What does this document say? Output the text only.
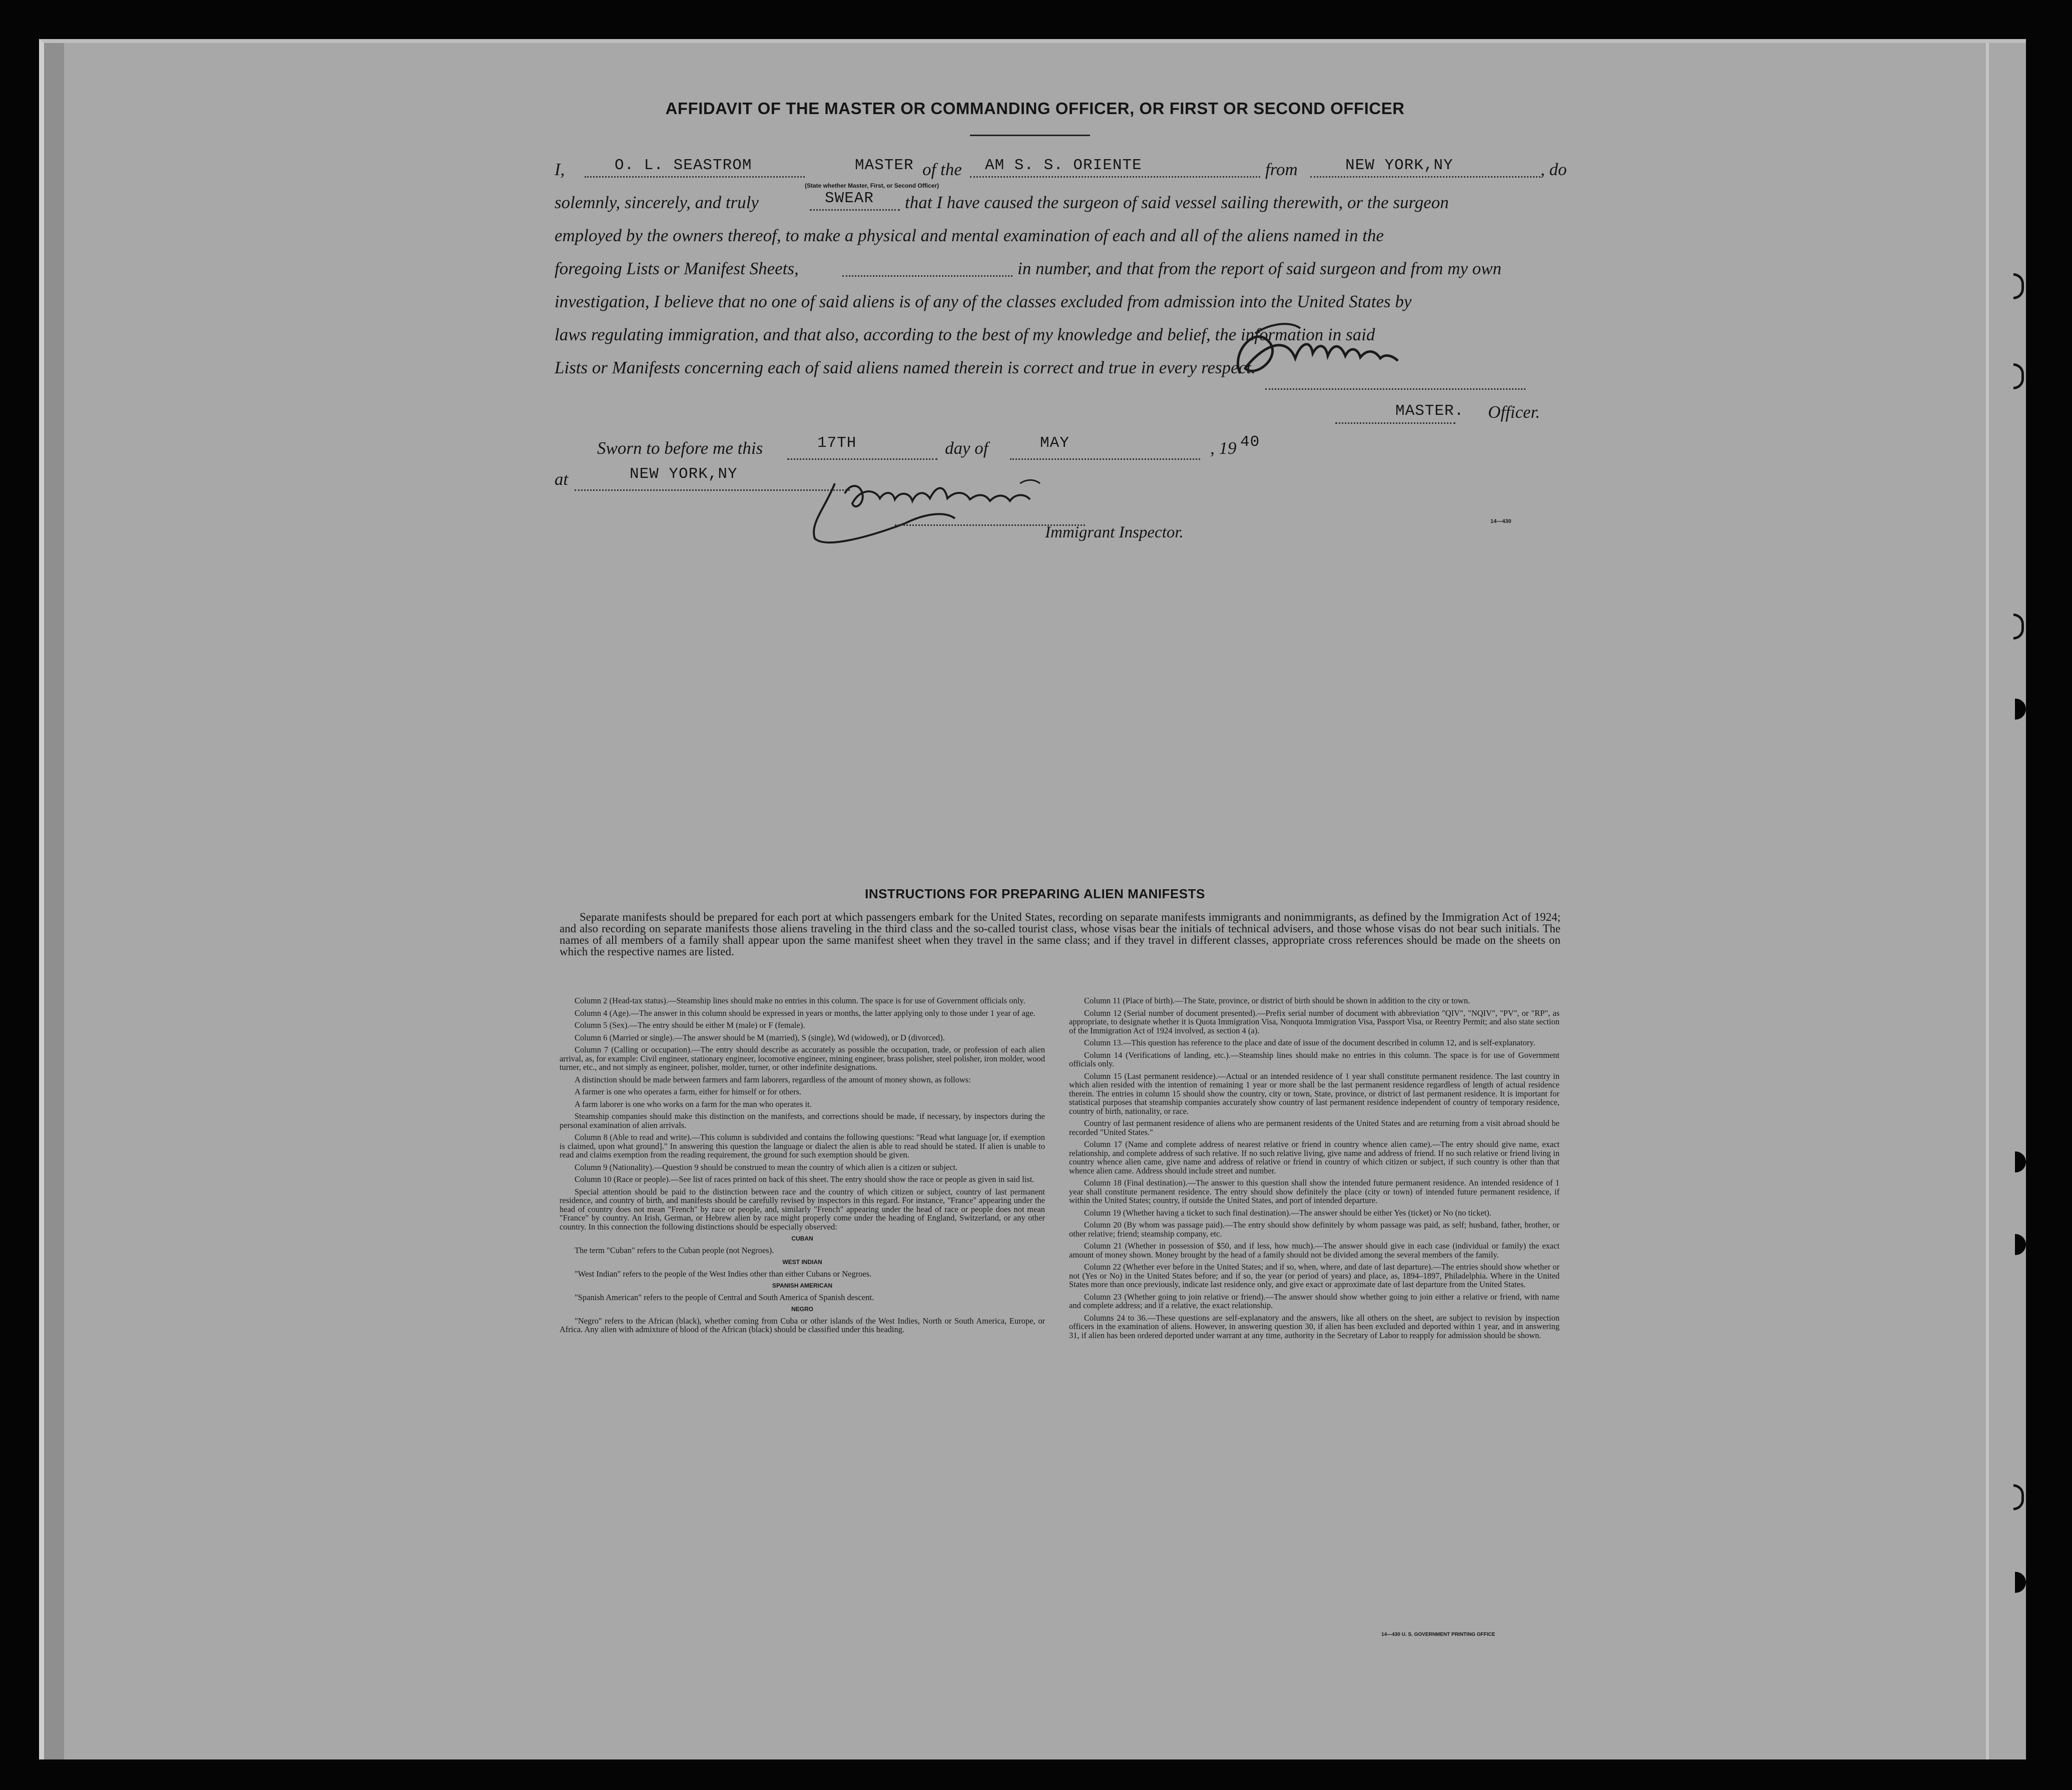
AFFIDAVIT OF THE MASTER OR COMMANDING OFFICER, OR FIRST OR SECOND OFFICER
I,	O. L. SEASTROM	MASTER
(State whether Master, First, or Second Officer)
of the AM S. S. ORIENTE	from	NEW YORK,NY	, do
solemnly, sincerely, and truly	SWEAR that I have caused the surgeon of said vessel sailing therewith, or the surgeon
employed by the owners thereof, to make a physical and mental examination of each and all of the aliens named in the
foregoing Lists or Manifest Sheets,	in number, and that from the report of said surgeon and from my own
investigation, I believe that no one of said aliens is of any of the classes excluded from admission into the United States by
laws regulating immigration, and that also, according to the best of my knowledge and belief, the information in said
Lists or Manifests concerning each of said aliens named therein is correct and true in every respect.
MASTER. Officer.
Sworn to before me this	17TH	day of	MAY	, 19 40
at	NEW YORK,NY
Immigrant Inspector.
14—430
INSTRUCTIONS FOR PREPARING ALIEN MANIFESTS
Separate manifests should be prepared for each port at which passengers embark for the United States, recording on separate manifests immigrants and nonimmigrants, as defined by the Immigration Act of 1924; and also recording on separate manifests those aliens traveling in the third class and the so-called tourist class, whose visas bear the initials of technical advisers, and those whose visas do not bear such initials. The names of all members of a family shall appear upon the same manifest sheet when they travel in the same class; and if they travel in different classes, appropriate cross references should be made on the sheets on which the respective names are listed.

Column 2 (Head-tax status).—Steamship lines should make no entries in this column. The space is for use of Government officials only.

Column 4 (Age).—The answer in this column should be expressed in years or months, the latter applying only to those under 1 year of age.

Column 5 (Sex).—The entry should be either M (male) or F (female).

Column 6 (Married or single).—The answer should be M (married), S (single), Wd (widowed), or D (divorced).

Column 7 (Calling or occupation).—The entry should describe as accurately as possible the occupation, trade, or profession of each alien arrival, as, for example: Civil engineer, stationary engineer, locomotive engineer, mining engineer, brass polisher, steel polisher, iron molder, wood turner, etc., and not simply as engineer, polisher, molder, turner, or other indefinite designations.

A distinction should be made between farmers and farm laborers, regardless of the amount of money shown, as follows:

A farmer is one who operates a farm, either for himself or for others.

A farm laborer is one who works on a farm for the man who operates it.

Steamship companies should make this distinction on the manifests, and corrections should be made, if necessary, by inspectors during the personal examination of alien arrivals.

Column 8 (Able to read and write).—This column is subdivided and contains the following questions: "Read what language [or, if exemption is claimed, upon what ground]." In answering this question the language or dialect the alien is able to read should be stated. If alien is unable to read and claims exemption from the reading requirement, the ground for such exemption should be given.

Column 9 (Nationality).—Question 9 should be construed to mean the country of which alien is a citizen or subject.

Column 10 (Race or people).—See list of races printed on back of this sheet. The entry should show the race or people as given in said list.

Special attention should be paid to the distinction between race and the country of which citizen or subject, country of last permanent residence, and country of birth, and manifests should be carefully revised by inspectors in this regard. For instance, "France" appearing under the head of country does not mean "French" by race or people, and, similarly "French" appearing under the head of race or people does not mean "France" by country. An Irish, German, or Hebrew alien by race might properly come under the heading of England, Switzerland, or any other country. In this connection the following distinctions should be especially observed:

CUBAN

The term "Cuban" refers to the Cuban people (not Negroes).

WEST INDIAN

"West Indian" refers to the people of the West Indies other than either Cubans or Negroes.

SPANISH AMERICAN

"Spanish American" refers to the people of Central and South America of Spanish descent.

NEGRO

"Negro" refers to the African (black), whether coming from Cuba or other islands of the West Indies, North or South America, Europe, or Africa. Any alien with admixture of blood of the African (black) should be classified under this heading.

Column 11 (Place of birth).—The State, province, or district of birth should be shown in addition to the city or town.

Column 12 (Serial number of document presented).—Prefix serial number of document with abbreviation "QIV", "NQIV", "PV", or "RP", as appropriate, to designate whether it is Quota Immigration Visa, Nonquota Immigration Visa, Passport Visa, or Reentry Permit; and also state section of the Immigration Act of 1924 involved, as section 4 (a).

Column 13.—This question has reference to the place and date of issue of the document described in column 12, and is self-explanatory.

Column 14 (Verifications of landing, etc.).—Steamship lines should make no entries in this column. The space is for use of Government officials only.

Column 15 (Last permanent residence).—Actual or an intended residence of 1 year shall constitute permanent residence. The last country in which alien resided with the intention of remaining 1 year or more shall be the last permanent residence regardless of length of actual residence therein. The entries in column 15 should show the country, city or town, State, province, or district of last permanent residence. It is important for statistical purposes that steamship companies accurately show country of last permanent residence independent of country of temporary residence, country of birth, nationality, or race.

Country of last permanent residence of aliens who are permanent residents of the United States and are returning from a visit abroad should be recorded "United States."

Column 17 (Name and complete address of nearest relative or friend in country whence alien came).—The entry should give name, exact relationship, and complete address of such relative. If no such relative living, give name and address of friend. If no such relative or friend living in country whence alien came, give name and address of relative or friend in country of which citizen or subject, if such country is other than that whence alien came. Address should include street and number.

Column 18 (Final destination).—The answer to this question shall show the intended future permanent residence. An intended residence of 1 year shall constitute permanent residence. The entry should show definitely the place (city or town) of intended future permanent residence, if within the United States; country, if outside the United States, and port of intended departure.

Column 19 (Whether having a ticket to such final destination).—The answer should be either Yes (ticket) or No (no ticket).

Column 20 (By whom was passage paid).—The entry should show definitely by whom passage was paid, as self; husband, father, brother, or other relative; friend; steamship company, etc.

Column 21 (Whether in possession of $50, and if less, how much).—The answer should give in each case (individual or family) the exact amount of money shown. Money brought by the head of a family should not be divided among the several members of the family.

Column 22 (Whether ever before in the United States; and if so, when, where, and date of last departure).—The entries should show whether or not (Yes or No) in the United States before; and if so, the year (or period of years) and place, as, 1894–1897, Philadelphia. Where in the United States more than once previously, indicate last residence only, and give exact or approximate date of last departure from the United States.

Column 23 (Whether going to join relative or friend).—The answer should show whether going to join either a relative or friend, with name and complete address; and if a relative, the exact relationship.

Columns 24 to 36.—These questions are self-explanatory and the answers, like all others on the sheet, are subject to revision by inspection officers in the examination of aliens. However, in answering question 30, if alien has been excluded and deported within 1 year, and in answering 31, if alien has been ordered deported under warrant at any time, authority in the Secretary of Labor to reapply for admission should be shown.

14—430 U. S. GOVERNMENT PRINTING OFFICE
